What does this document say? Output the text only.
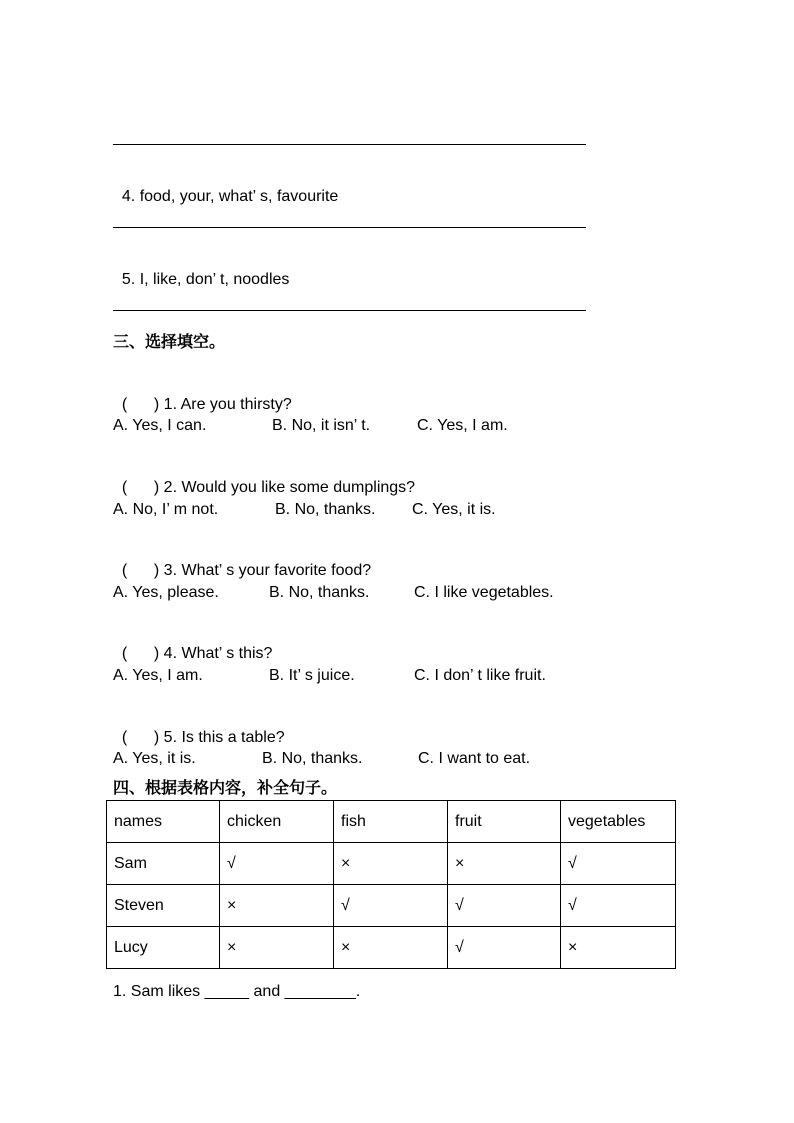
4. food, your, what’ s, favourite

5. I, like, don’ t, noodles

三、选择填空。

(      ) 1. Are you thirsty?

A. Yes, I can.	B. No, it isn’ t.	C. Yes, I am.

(      ) 2. Would you like some dumplings?

A. No, I’ m not.	B. No, thanks. C. Yes, it is.

(      ) 3. What’ s your favorite food?

A. Yes, please.	B. No, thanks.	C. I like vegetables.

(      ) 4. What’ s this?

A. Yes, I am.	B. It’ s juice.	C. I don’ t like fruit.

(      ) 5. Is this a table?

A. Yes, it is.	B. No, thanks.	C. I want to eat.
四、根据表格内容，补全句子。
names	chicken	fish	fruit	vegetables
Sam	√	×	×	√
Steven	×	√	√	√
Lucy	×	×	√	×
1. Sam likes _____ and ________.
